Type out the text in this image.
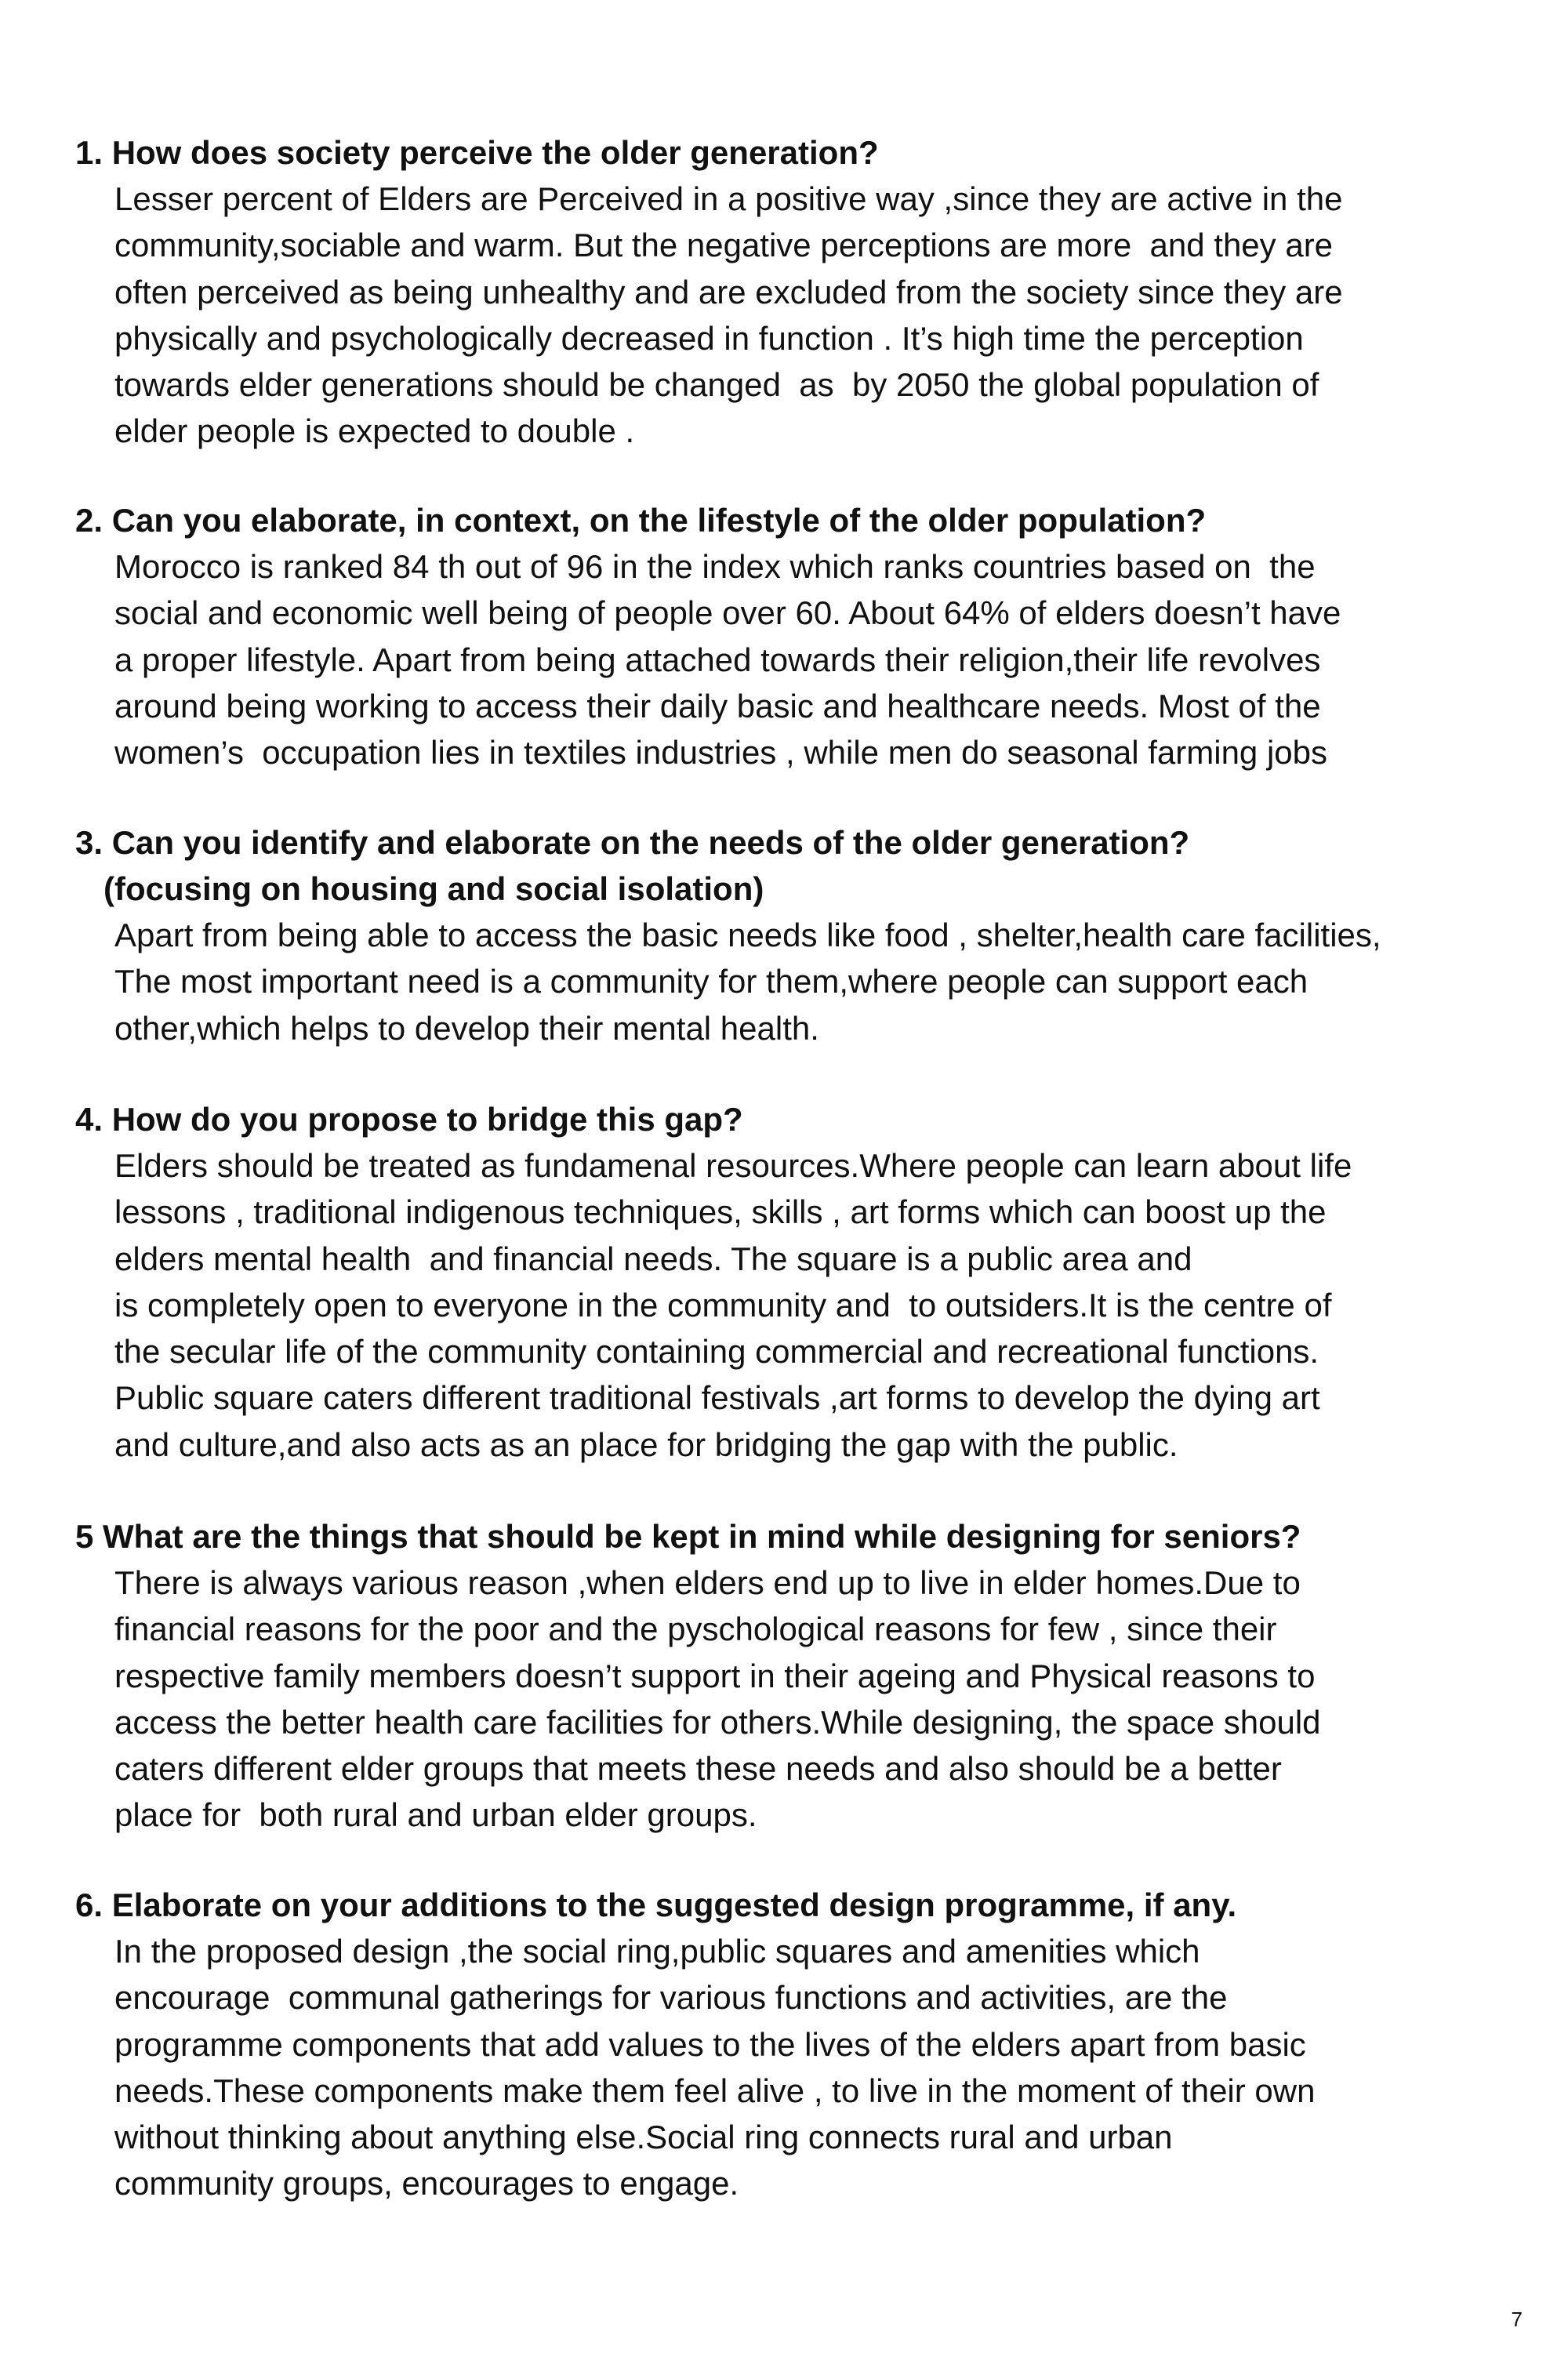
1. How does society perceive the older generation?

Lesser percent of Elders are Perceived in a positive way ,since they are active in the

community,sociable and warm. But the negative perceptions are more  and they are

often perceived as being unhealthy and are excluded from the society since they are

physically and psychologically decreased in function . It’s high time the perception

towards elder generations should be changed  as  by 2050 the global population of

elder people is expected to double .

2. Can you elaborate, in context, on the lifestyle of the older population?

Morocco is ranked 84 th out of 96 in the index which ranks countries based on  the

social and economic well being of people over 60. About 64% of elders doesn’t have

a proper lifestyle. Apart from being attached towards their religion,their life revolves

around being working to access their daily basic and healthcare needs. Most of the

women’s  occupation lies in textiles industries , while men do seasonal farming jobs

3. Can you identify and elaborate on the needs of the older generation?

(focusing on housing and social isolation)

Apart from being able to access the basic needs like food , shelter,health care facilities,

The most important need is a community for them,where people can support each

other,which helps to develop their mental health.

4. How do you propose to bridge this gap?

Elders should be treated as fundamenal resources.Where people can learn about life

lessons , traditional indigenous techniques, skills , art forms which can boost up the

elders mental health  and financial needs. The square is a public area and

is completely open to everyone in the community and  to outsiders.It is the centre of

the secular life of the community containing commercial and recreational functions.

Public square caters different traditional festivals ,art forms to develop the dying art

and culture,and also acts as an place for bridging the gap with the public.

5 What are the things that should be kept in mind while designing for seniors?

There is always various reason ,when elders end up to live in elder homes.Due to

financial reasons for the poor and the pyschological reasons for few , since their

respective family members doesn’t support in their ageing and Physical reasons to

access the better health care facilities for others.While designing, the space should

caters different elder groups that meets these needs and also should be a better

place for  both rural and urban elder groups.

6. Elaborate on your additions to the suggested design programme, if any.

In the proposed design ,the social ring,public squares and amenities which

encourage  communal gatherings for various functions and activities, are the

programme components that add values to the lives of the elders apart from basic

needs.These components make them feel alive , to live in the moment of their own

without thinking about anything else.Social ring connects rural and urban

community groups, encourages to engage.

7
